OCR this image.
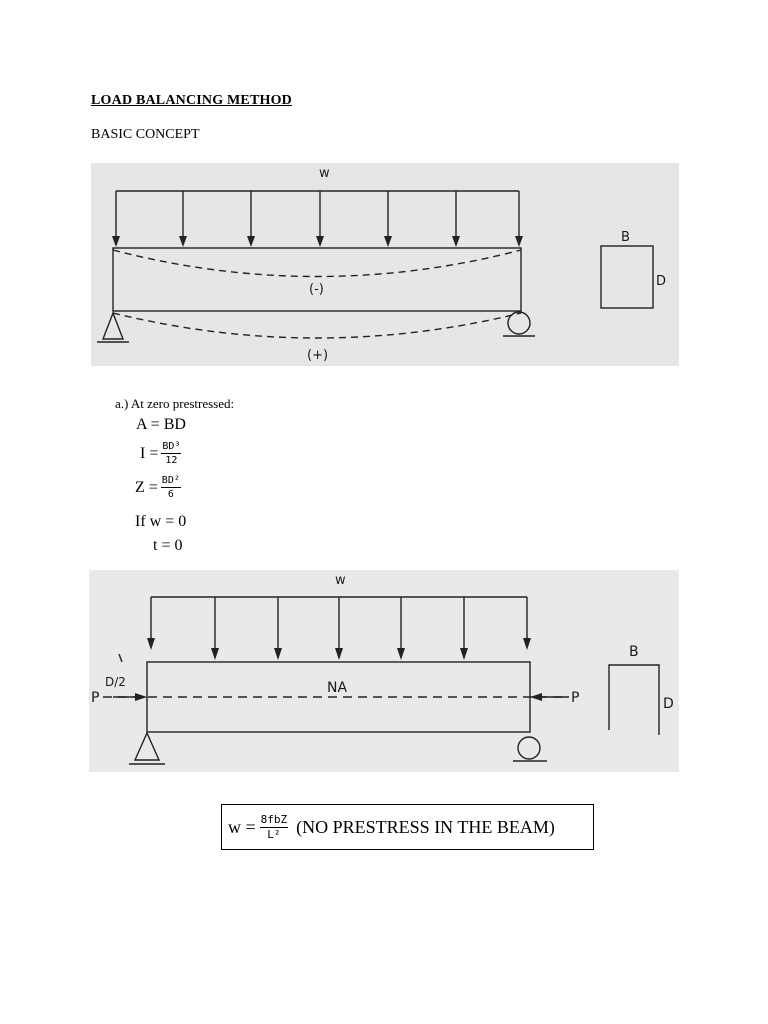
LOAD BALANCING METHOD
BASIC CONCEPT
w
(-)
(+)
B
D
a.) At zero prestressed:
A = BD
$I = \frac{\text{BD³}}{12}$
$Z = \frac{\text{BD²}}{6}$
If w = 0
t = 0
w
D/2
P	P
NA
B
D
$w = \frac{\text{8fbZ}}{\text{L²}} (NO$ PRESTRESS IN THE BEAM)
